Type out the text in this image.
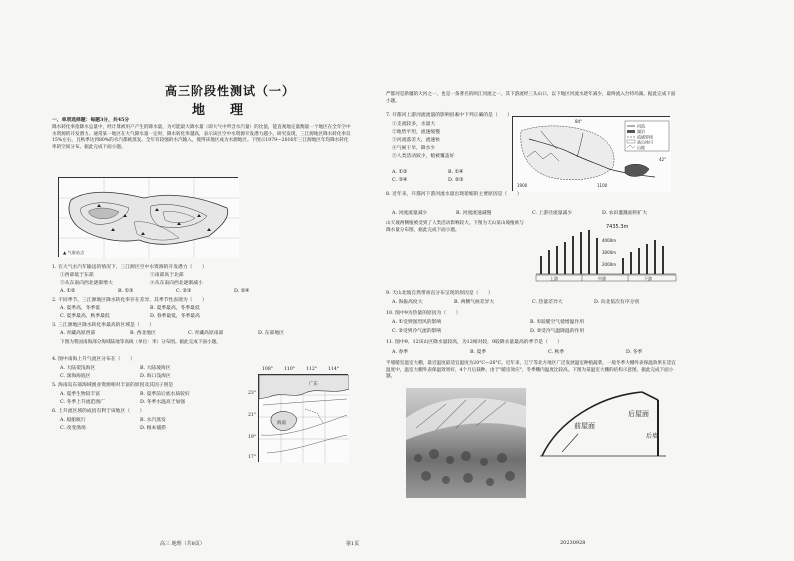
高三阶段性测试（一）
地　理
一、单项选择题：每题3分，共45分
降水转化率指降水总量中，经计算被用户产生的降水量，为可能最大降水量（即大气中所含水汽量）的比值，能直观地定量衡量一个地区在全年空中水资源的开发潜力。通常某一地区在大气降水量一定时，降水转化率越高，表示该区空中水资源开发潜力越小。研究发现，三江源地区降水转化率仅15%左右，且秋季达到80%的水汽都被蒸发。全年有较强的水汽输入，使得该地区成为水源地区。下图示1979—2016年三江源地区年均降水转化率的空间分布。据此完成下面小题。
▲ 气象站点
1. 在大气水汽年输送的情况下，三江源区空中水资源的开发潜力（　　）
①西部低于东部	②南部高于北部
③从东南向西北逐渐增大	④从东南向西北逐渐减小
A. ①②	B. ①③	C. ②③	D. ②④
2. 不同季节，三江源地区降水转化率存在差异，其季节性表现为（　　）
A. 夏季高，冬季低	B. 夏季最高，冬季最低
C. 夏季最高，秋季最低	D. 春季最低，冬季最高
3. 三江源地区降水转化率最高的区域是（　　）
A. 青藏高原西部	B. 西北地区	C. 青藏高原南部	D. 东部地区
下图为我国南海部分海域陆地等高线（单位：米）分布图。据此完成下面小题。
4. 图中南海上升气流区分布在（　　）
A. 大陆架浅海区	B. 大陆坡海区
C. 深海海底区	D. 海口浅海区
5. 海南岛东部海域渔业资源相对丰富的原因及其因子别是
A. 夏季生物较丰富	B. 夏季前后底水质较好
C. 冬季上升流范围广	D. 冬季水温高于加强
6. 上升流区域的成因有利于该地区（　　）
A. 船舶航行	B. 水汽蒸发
C. 改变渔场	D. 根本捕捞
海南
广东
108° 110° 112° 114°
23°
21°
19°
17°
严都河是新疆的大河之一，也是一条著名的两江河流之一，其下游流经三头山口，以下地区河流水逐年减少，最终流入台特玛湖。据此完成下面小题。
7. 开都河上游河流流量的影响因素中下列正确的是（　　）
①支流较多，水量大
②地势平坦，流速缓慢
③河流落差大，流速快
④气候干旱，降水少
⑤人类活动较少，植被覆盖好
A. ①②	B. ①④
C. ③④	D. ②③
河流
湖泊
流域界线
高山冰川
山地
1900	1100
84°
42°
8. 近年来，开都河下游河流水量出现萎缩的主要原因是（　　）
A. 河流流量减少	B. 河流流速减慢	C. 上游径流量减少	D. 农田灌溉面积扩大
山天坡两侧植被受到了人类活动影响较大。下图为天山某山坡植被与降水量分布图，据此完成下面小题。
上游	中游	下游
7435.3m
4000m
3000m
2000m
9. 天山北坡自然带垂直分布呈现的原因是（　　）
A. 海拔高度大	B. 两侧气候差异大	C. 热量差异大	D. 向北依次有序分别
10. 图中9为热量的原因为（　　）
A. ①受到强烈风的影响	B. ①较暖空气使增温作用
C. ②受到冷气流的影响	D. ②受冷气温降温的作用
11. 图中9、12该山区降水量较高，为12相对较，9较降水量最高的季节是（　　）
A. 春季	B. 夏季	C. 秋季	D. 冬季
半墙暖室温室大棚，最近温度最适宜温度为20°C—26°C。近年来，辽宁等北方地区广泛发展温室种植蔬菜，一般冬季大棚外表保温效果在适宜温度中，温室大棚外表保温效果好，4个月后栽种。由于"暖房效应"，冬季棚内温度比较高。下图为某温室大棚的结构示意图，据此完成下面小题。
前屋面
后屋面
后墙
高三 地理（共8页）	第1页	20230928
